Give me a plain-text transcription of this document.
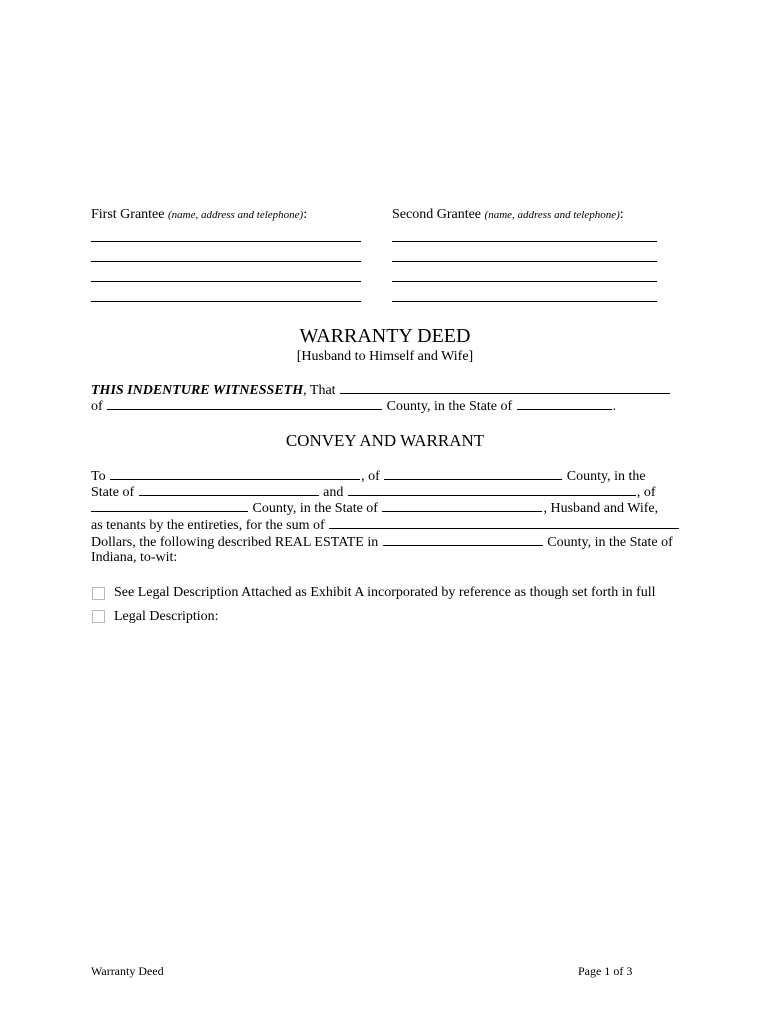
First Grantee (name, address and telephone):	Second Grantee (name, address and telephone):
WARRANTY DEED
[Husband to Himself and Wife]
THIS INDENTURE WITNESSETH, That
of	County, in the State of	.
CONVEY AND WARRANT
To	, of	County, in the
State of	and	, of
County, in the State of	, Husband and Wife,
as tenants by the entireties, for the sum of
Dollars, the following described REAL ESTATE in	County, in the State of
Indiana, to-wit:
See Legal Description Attached as Exhibit A incorporated by reference as though set forth in full
Legal Description:
Warranty Deed	Page 1 of 3
